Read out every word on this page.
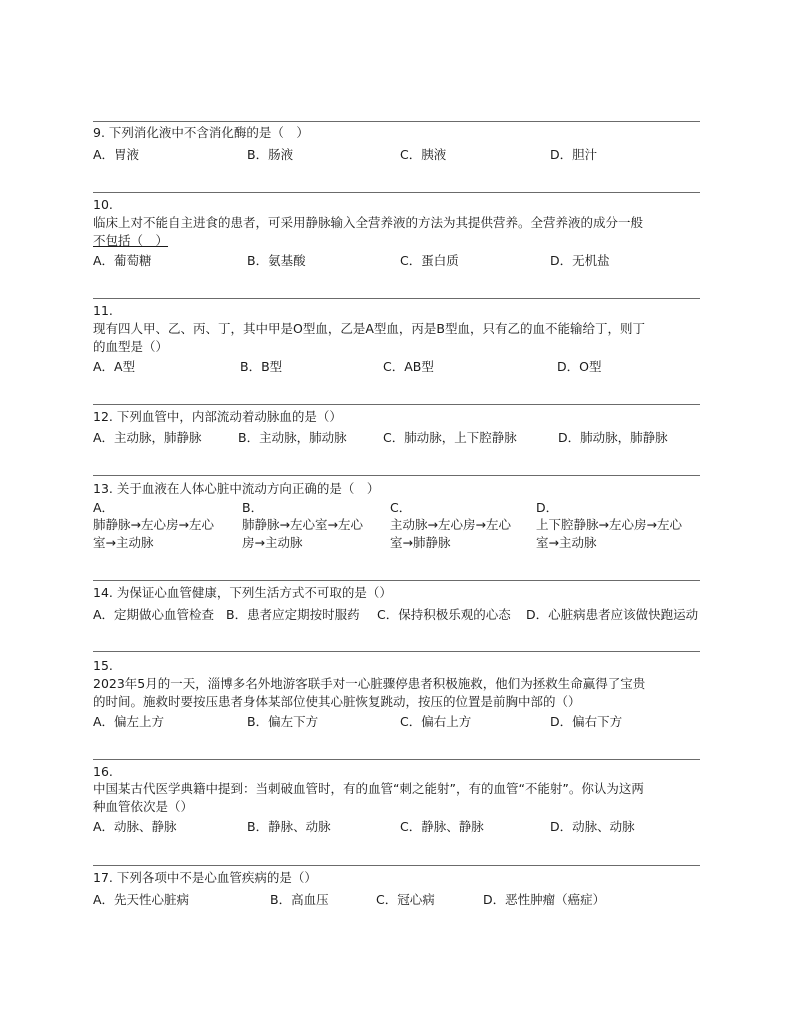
9. 下列消化液中不含消化酶的是（　）
A．胃液	B．肠液	C．胰液	D．胆汁
10.
临床上对不能自主进食的患者，可采用静脉输入全营养液的方法为其提供营养。全营养液的成分一般
不包括（　）
A．葡萄糖	B．氨基酸	C．蛋白质	D．无机盐
11.
现有四人甲、乙、丙、丁，其中甲是O型血，乙是A型血，丙是B型血，只有乙的血不能输给丁，则丁
的血型是（）
A．A型	B．B型	C．AB型	D．O型
12. 下列血管中，内部流动着动脉血的是（）
A．主动脉，肺静脉	B．主动脉，肺动脉	C．肺动脉，上下腔静脉	D．肺动脉，肺静脉
13. 关于血液在人体心脏中流动方向正确的是（　）
A．
肺静脉→左心房→左心
室→主动脉
B．
肺静脉→左心室→左心
房→主动脉
C．
主动脉→左心房→左心
室→肺静脉
D．
上下腔静脉→左心房→左心
室→主动脉
14. 为保证心血管健康，下列生活方式不可取的是（）
A．定期做心血管检查 B．患者应定期按时服药 C．保持积极乐观的心态 D．心脏病患者应该做快跑运动
15.
2023年5月的一天，淄博多名外地游客联手对一心脏骤停患者积极施救，他们为拯救生命赢得了宝贵
的时间。施救时要按压患者身体某部位使其心脏恢复跳动，按压的位置是前胸中部的（）
A．偏左上方	B．偏左下方	C．偏右上方	D．偏右下方
16.
中国某古代医学典籍中提到：当刺破血管时，有的血管“刺之能射”，有的血管“不能射”。你认为这两
种血管依次是（）
A．动脉、静脉	B．静脉、动脉	C．静脉、静脉	D．动脉、动脉
17. 下列各项中不是心血管疾病的是（）
A．先天性心脏病	B．高血压	C．冠心病	D．恶性肿瘤（癌症）
